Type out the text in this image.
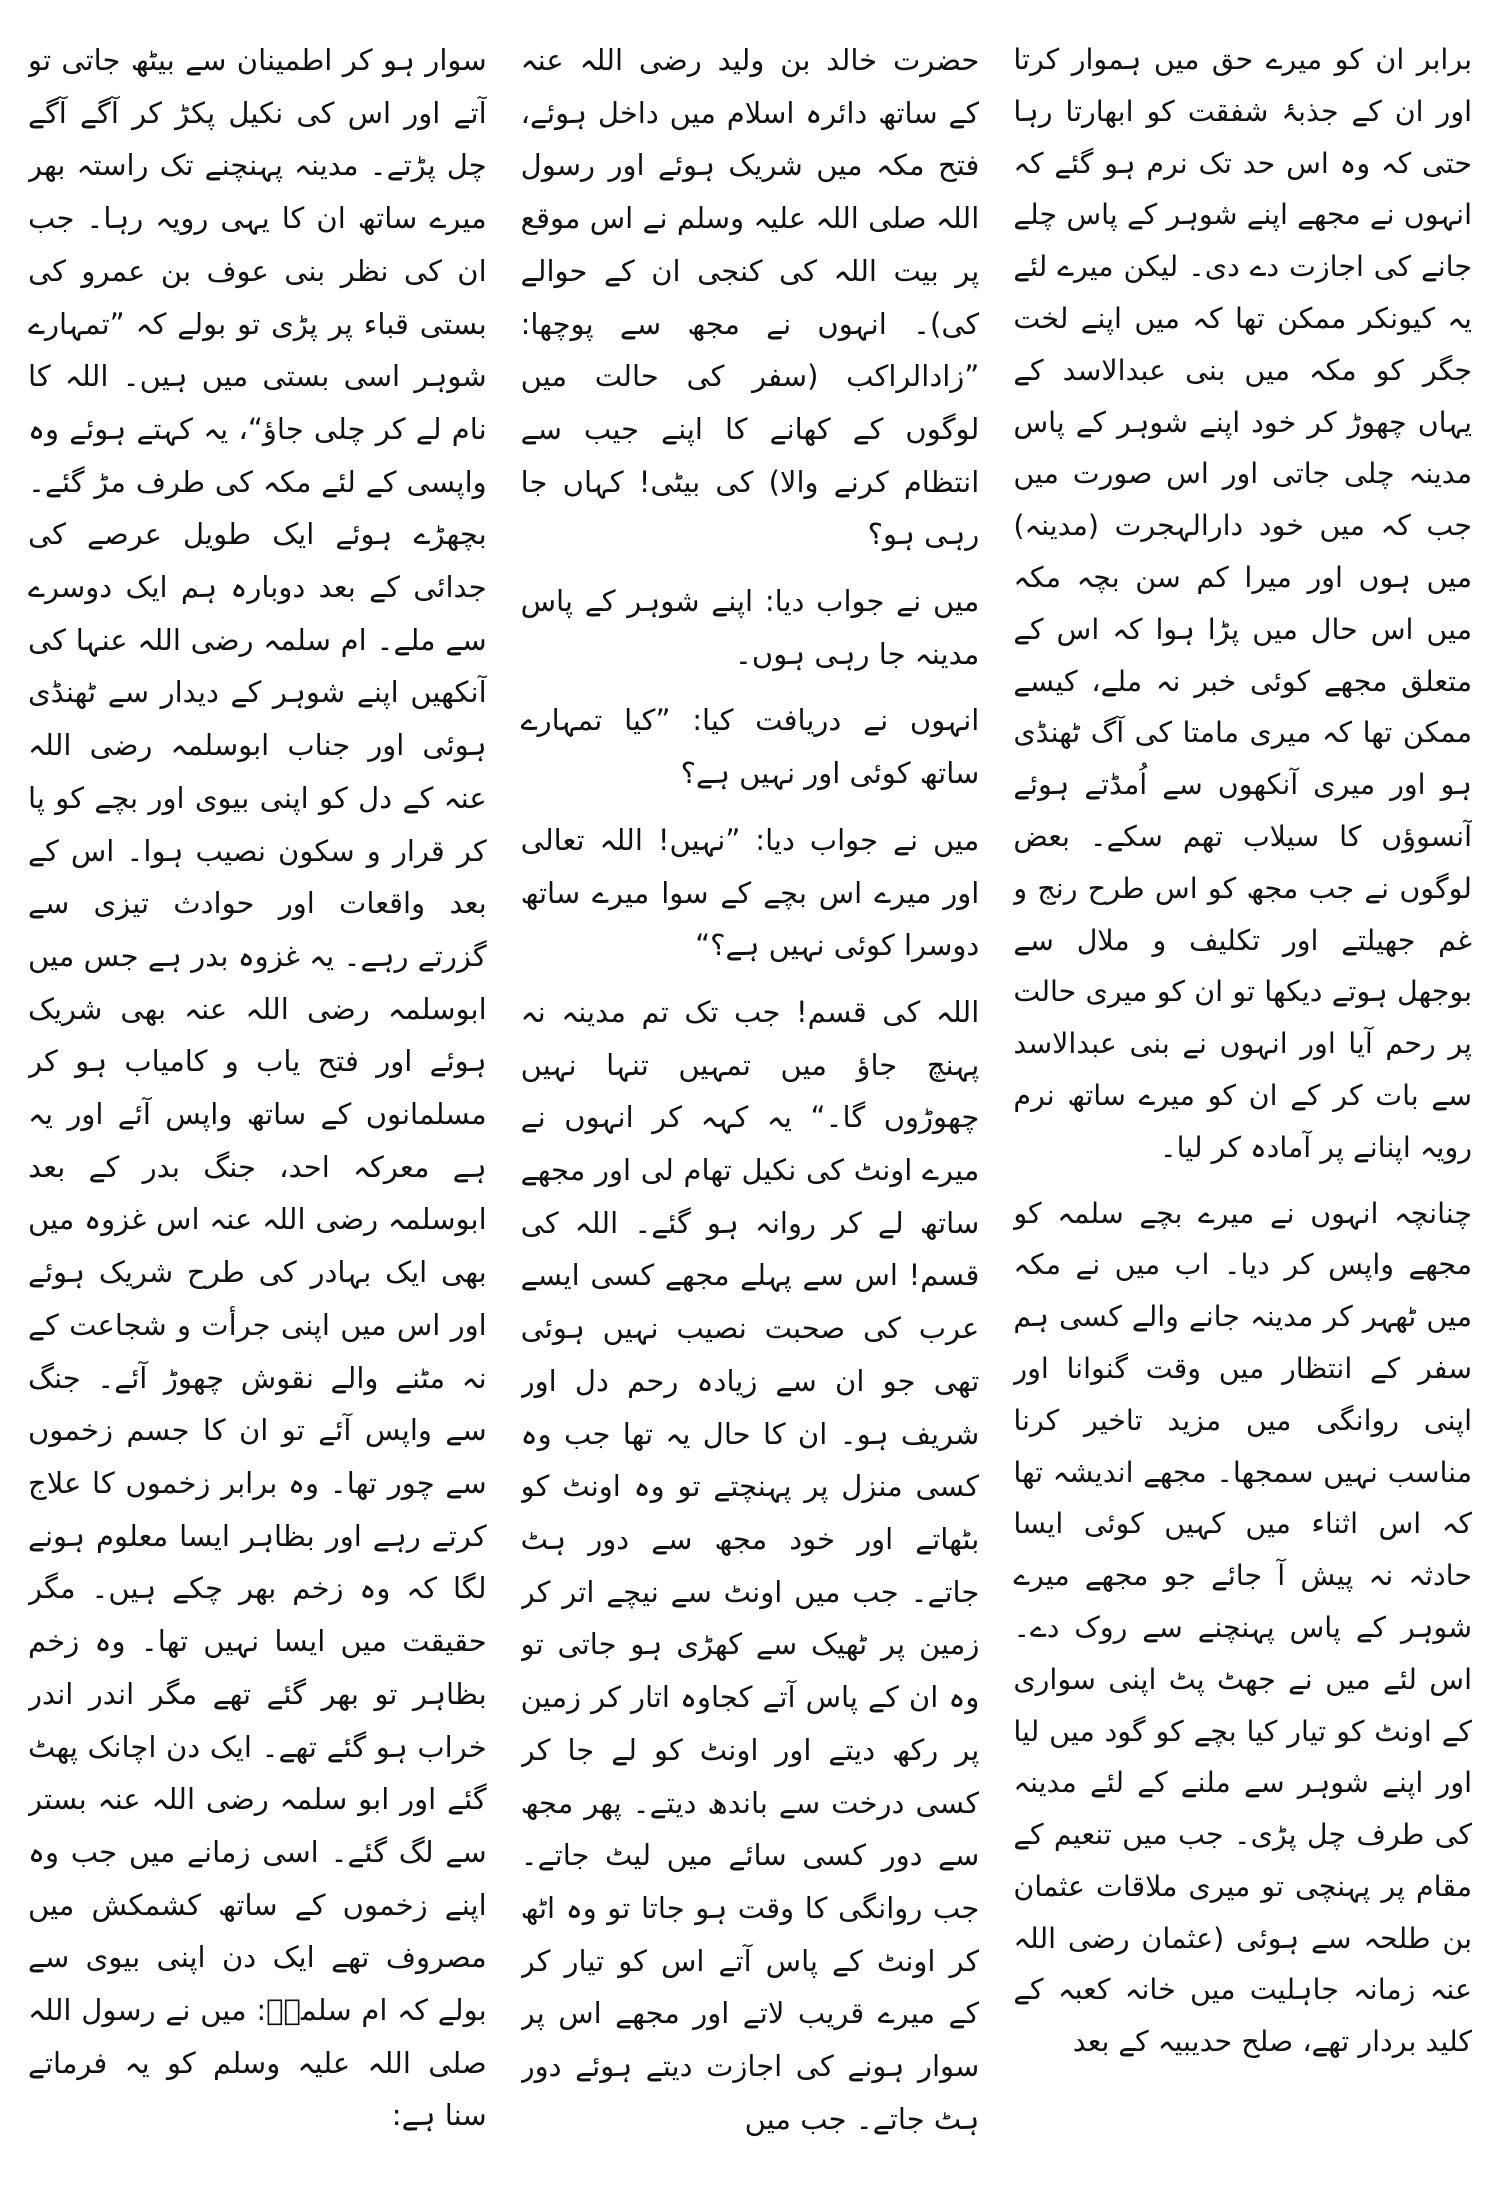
برابر ان کو میرے حق میں ہموار کرتا اور ان کے جذبۂ شفقت کو ابھارتا رہا حتی کہ وہ اس حد تک نرم ہو گئے کہ انہوں نے مجھے اپنے شوہر کے پاس چلے جانے کی اجازت دے دی۔ لیکن میرے لئے یہ کیونکر ممکن تھا کہ میں اپنے لخت جگر کو مکہ میں بنی عبدالاسد کے یہاں چھوڑ کر خود اپنے شوہر کے پاس مدینہ چلی جاتی اور اس صورت میں جب کہ میں خود دارالہجرت (مدینہ) میں ہوں اور میرا کم سن بچہ مکہ میں اس حال میں پڑا ہوا کہ اس کے متعلق مجھے کوئی خبر نہ ملے، کیسے ممکن تھا کہ میری مامتا کی آگ ٹھنڈی ہو اور میری آنکھوں سے اُمڈتے ہوئے آنسوؤں کا سیلاب تھم سکے۔ بعض لوگوں نے جب مجھ کو اس طرح رنج و غم جھیلتے اور تکلیف و ملال سے بوجھل ہوتے دیکھا تو ان کو میری حالت پر رحم آیا اور انہوں نے بنی عبدالاسد سے بات کر کے ان کو میرے ساتھ نرم رویہ اپنانے پر آمادہ کر لیا۔

چنانچہ انہوں نے میرے بچے سلمہ کو مجھے واپس کر دیا۔ اب میں نے مکہ میں ٹھہر کر مدینہ جانے والے کسی ہم سفر کے انتظار میں وقت گنوانا اور اپنی روانگی میں مزید تاخیر کرنا مناسب نہیں سمجھا۔ مجھے اندیشہ تھا کہ اس اثناء میں کہیں کوئی ایسا حادثہ نہ پیش آ جائے جو مجھے میرے شوہر کے پاس پہنچنے سے روک دے۔ اس لئے میں نے جھٹ پٹ اپنی سواری کے اونٹ کو تیار کیا بچے کو گود میں لیا اور اپنے شوہر سے ملنے کے لئے مدینہ کی طرف چل پڑی۔ جب میں تنعیم کے مقام پر پہنچی تو میری ملاقات عثمان بن طلحہ سے ہوئی (عثمان رضی اللہ عنہ زمانہ جاہلیت میں خانہ کعبہ کے کلید بردار تھے، صلح حدیبیہ کے بعد

حضرت خالد بن ولید رضی اللہ عنہ کے ساتھ دائرہ اسلام میں داخل ہوئے، فتح مکہ میں شریک ہوئے اور رسول اللہ صلی اللہ علیہ وسلم نے اس موقع پر بیت اللہ کی کنجی ان کے حوالے کی)۔ انہوں نے مجھ سے پوچھا: ”زادالراکب (سفر کی حالت میں لوگوں کے کھانے کا اپنے جیب سے انتظام کرنے والا) کی بیٹی! کہاں جا رہی ہو؟

میں نے جواب دیا: اپنے شوہر کے پاس مدینہ جا رہی ہوں۔

انہوں نے دریافت کیا: ”کیا تمہارے ساتھ کوئی اور نہیں ہے؟

میں نے جواب دیا: ”نہیں! اللہ تعالی اور میرے اس بچے کے سوا میرے ساتھ دوسرا کوئی نہیں ہے؟“

اللہ کی قسم! جب تک تم مدینہ نہ پہنچ جاؤ میں تمہیں تنہا نہیں چھوڑوں گا۔“ یہ کہہ کر انہوں نے میرے اونٹ کی نکیل تھام لی اور مجھے ساتھ لے کر روانہ ہو گئے۔ اللہ کی قسم! اس سے پہلے مجھے کسی ایسے عرب کی صحبت نصیب نہیں ہوئی تھی جو ان سے زیادہ رحم دل اور شریف ہو۔ ان کا حال یہ تھا جب وہ کسی منزل پر پہنچتے تو وہ اونٹ کو بٹھاتے اور خود مجھ سے دور ہٹ جاتے۔ جب میں اونٹ سے نیچے اتر کر زمین پر ٹھیک سے کھڑی ہو جاتی تو وہ ان کے پاس آتے کجاوہ اتار کر زمین پر رکھ دیتے اور اونٹ کو لے جا کر کسی درخت سے باندھ دیتے۔ پھر مجھ سے دور کسی سائے میں لیٹ جاتے۔ جب روانگی کا وقت ہو جاتا تو وہ اٹھ کر اونٹ کے پاس آتے اس کو تیار کر کے میرے قریب لاتے اور مجھے اس پر سوار ہونے کی اجازت دیتے ہوئے دور ہٹ جاتے۔ جب میں

سوار ہو کر اطمینان سے بیٹھ جاتی تو آتے اور اس کی نکیل پکڑ کر آگے آگے چل پڑتے۔ مدینہ پہنچنے تک راستہ بھر میرے ساتھ ان کا یہی رویہ رہا۔ جب ان کی نظر بنی عوف بن عمرو کی بستی قباء پر پڑی تو بولے کہ ”تمہارے شوہر اسی بستی میں ہیں۔ اللہ کا نام لے کر چلی جاؤ“، یہ کہتے ہوئے وہ واپسی کے لئے مکہ کی طرف مڑ گئے۔ بچھڑے ہوئے ایک طویل عرصے کی جدائی کے بعد دوبارہ ہم ایک دوسرے سے ملے۔ ام سلمہ رضی اللہ عنہا کی آنکھیں اپنے شوہر کے دیدار سے ٹھنڈی ہوئی اور جناب ابوسلمہ رضی اللہ عنہ کے دل کو اپنی بیوی اور بچے کو پا کر قرار و سکون نصیب ہوا۔ اس کے بعد واقعات اور حوادث تیزی سے گزرتے رہے۔ یہ غزوہ بدر ہے جس میں ابوسلمہ رضی اللہ عنہ بھی شریک ہوئے اور فتح یاب و کامیاب ہو کر مسلمانوں کے ساتھ واپس آئے اور یہ ہے معرکہ احد، جنگ بدر کے بعد ابوسلمہ رضی اللہ عنہ اس غزوہ میں بھی ایک بہادر کی طرح شریک ہوئے اور اس میں اپنی جرأت و شجاعت کے نہ مٹنے والے نقوش چھوڑ آئے۔ جنگ سے واپس آئے تو ان کا جسم زخموں سے چور تھا۔ وہ برابر زخموں کا علاج کرتے رہے اور بظاہر ایسا معلوم ہونے لگا کہ وہ زخم بھر چکے ہیں۔ مگر حقیقت میں ایسا نہیں تھا۔ وہ زخم بظاہر تو بھر گئے تھے مگر اندر اندر خراب ہو گئے تھے۔ ایک دن اچانک پھٹ گئے اور ابو سلمہ رضی اللہ عنہ بستر سے لگ گئے۔ اسی زمانے میں جب وہ اپنے زخموں کے ساتھ کشمکش میں مصروف تھے ایک دن اپنی بیوی سے بولے کہ ام سلمہؓ: میں نے رسول اللہ صلی اللہ علیہ وسلم کو یہ فرماتے سنا ہے:
